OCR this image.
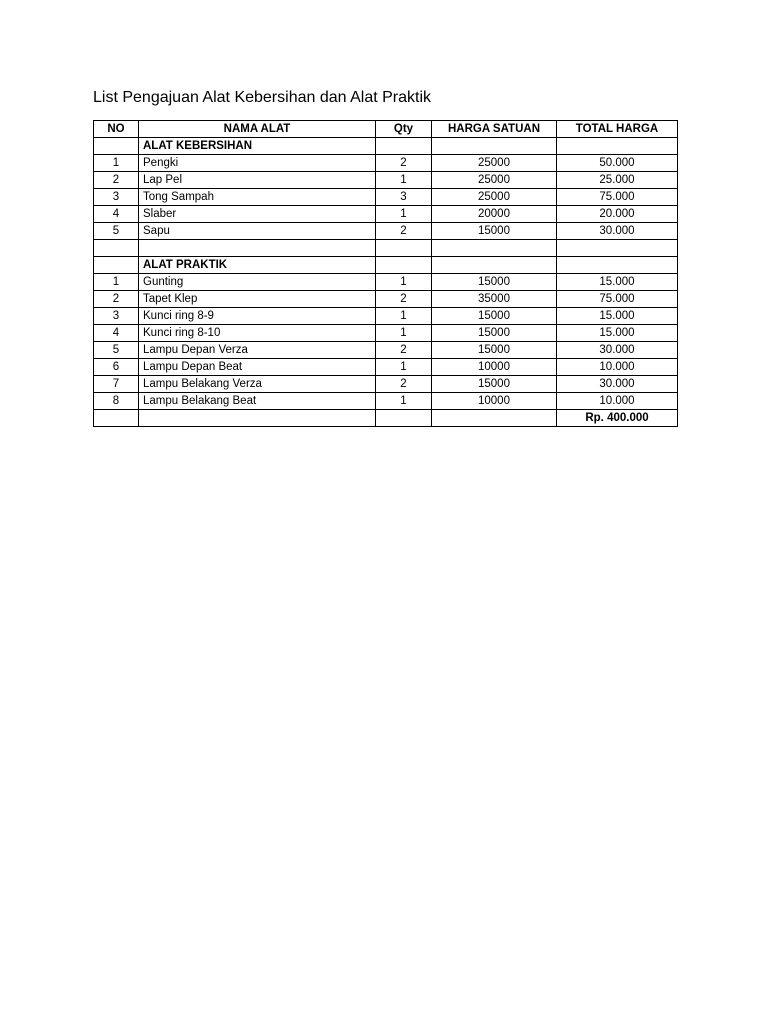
List Pengajuan Alat Kebersihan dan Alat Praktik
NO	NAMA ALAT	Qty	HARGA SATUAN	TOTAL HARGA
	ALAT KEBERSIHAN			
1	Pengki	2	25000	50.000
2	Lap Pel	1	25000	25.000
3	Tong Sampah	3	25000	75.000
4	Slaber	1	20000	20.000
5	Sapu	2	15000	30.000

	ALAT PRAKTIK			
1	Gunting	1	15000	15.000
2	Tapet Klep	2	35000	75.000
3	Kunci ring 8-9	1	15000	15.000
4	Kunci ring 8-10	1	15000	15.000
5	Lampu Depan Verza	2	15000	30.000
6	Lampu Depan Beat	1	10000	10.000
7	Lampu Belakang Verza	2	15000	30.000
8	Lampu Belakang Beat	1	10000	10.000
				Rp. 400.000
